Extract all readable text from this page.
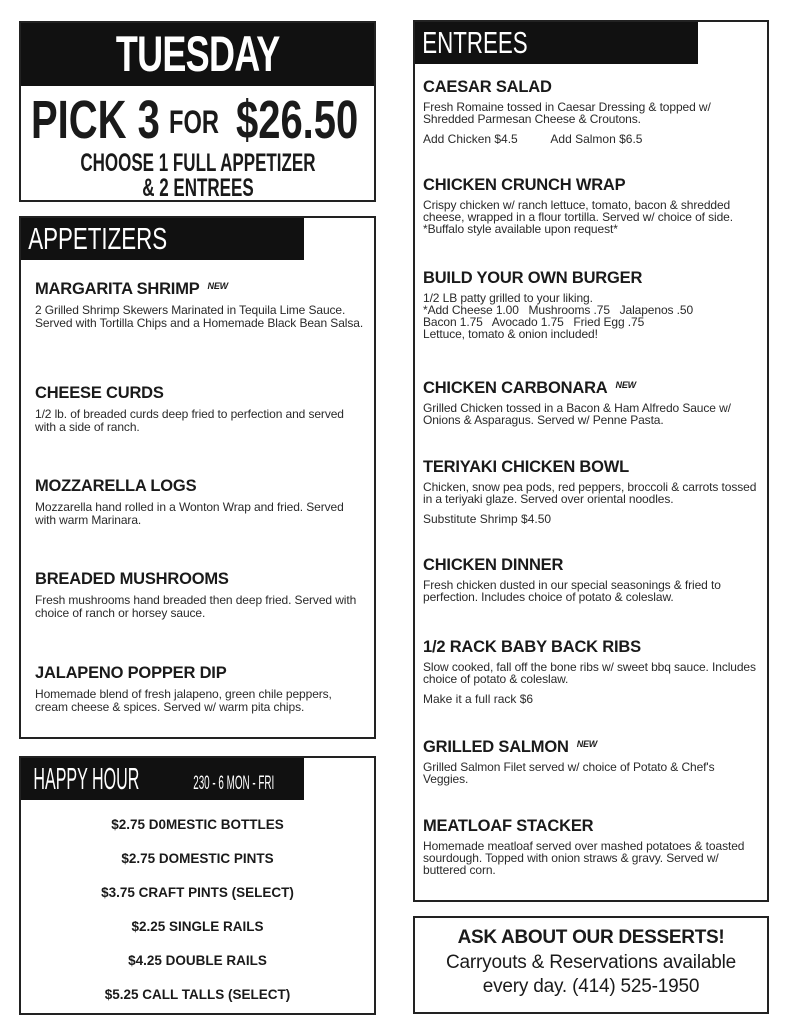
TUESDAY
PICK 3 FOR $26.50
CHOOSE 1 FULL APPETIZER
& 2 ENTREES
APPETIZERS
MARGARITA SHRIMP $^{NEW}$

2 Grilled Shrimp Skewers Marinated in Tequila Lime Sauce. Served with Tortilla Chips and a Homemade Black Bean Salsa.

CHEESE CURDS

1/2 lb. of breaded curds deep fried to perfection and served with a side of ranch.

MOZZARELLA LOGS

Mozzarella hand rolled in a Wonton Wrap and fried. Served with warm Marinara.

BREADED MUSHROOMS

Fresh mushrooms hand breaded then deep fried. Served with choice of ranch or horsey sauce.

JALAPENO POPPER DIP

Homemade blend of fresh jalapeno, green chile peppers, cream cheese & spices. Served w/ warm pita chips.

HAPPY HOUR	230 - 6 MON - FRI
$2.75 D0MESTIC BOTTLES
$2.75 DOMESTIC PINTS
$3.75 CRAFT PINTS (SELECT)
$2.25 SINGLE RAILS
$4.25 DOUBLE RAILS
$5.25 CALL TALLS (SELECT)
ENTREES
CAESAR SALAD

Fresh Romaine tossed in Caesar Dressing & topped w/ Shredded Parmesan Cheese & Croutons.

Add Chicken $4.5          Add Salmon $6.5
CHICKEN CRUNCH WRAP

Crispy chicken w/ ranch lettuce, tomato, bacon & shredded cheese, wrapped in a flour tortilla. Served w/ choice of side. *Buffalo style available upon request*

BUILD YOUR OWN BURGER

1/2 LB patty grilled to your liking.
*Add Cheese 1.00   Mushrooms .75   Jalapenos .50
Bacon 1.75   Avocado 1.75   Fried Egg .75
Lettuce, tomato & onion included!

CHICKEN CARBONARA $^{NEW}$

Grilled Chicken tossed in a Bacon & Ham Alfredo Sauce w/ Onions & Asparagus. Served w/ Penne Pasta.

TERIYAKI CHICKEN BOWL

Chicken, snow pea pods, red peppers, broccoli & carrots tossed in a teriyaki glaze. Served over oriental noodles.

Substitute Shrimp $4.50
CHICKEN DINNER

Fresh chicken dusted in our special seasonings & fried to perfection. Includes choice of potato & coleslaw.

1/2 RACK BABY BACK RIBS

Slow cooked, fall off the bone ribs w/ sweet bbq sauce. Includes choice of potato & coleslaw.

Make it a full rack $6
GRILLED SALMON $^{NEW}$

Grilled Salmon Filet served w/ choice of Potato & Chef's Veggies.

MEATLOAF STACKER

Homemade meatloaf served over mashed potatoes & toasted sourdough. Topped with onion straws & gravy. Served w/ buttered corn.

ASK ABOUT OUR DESSERTS!
Carryouts & Reservations available
every day. (414) 525-1950
